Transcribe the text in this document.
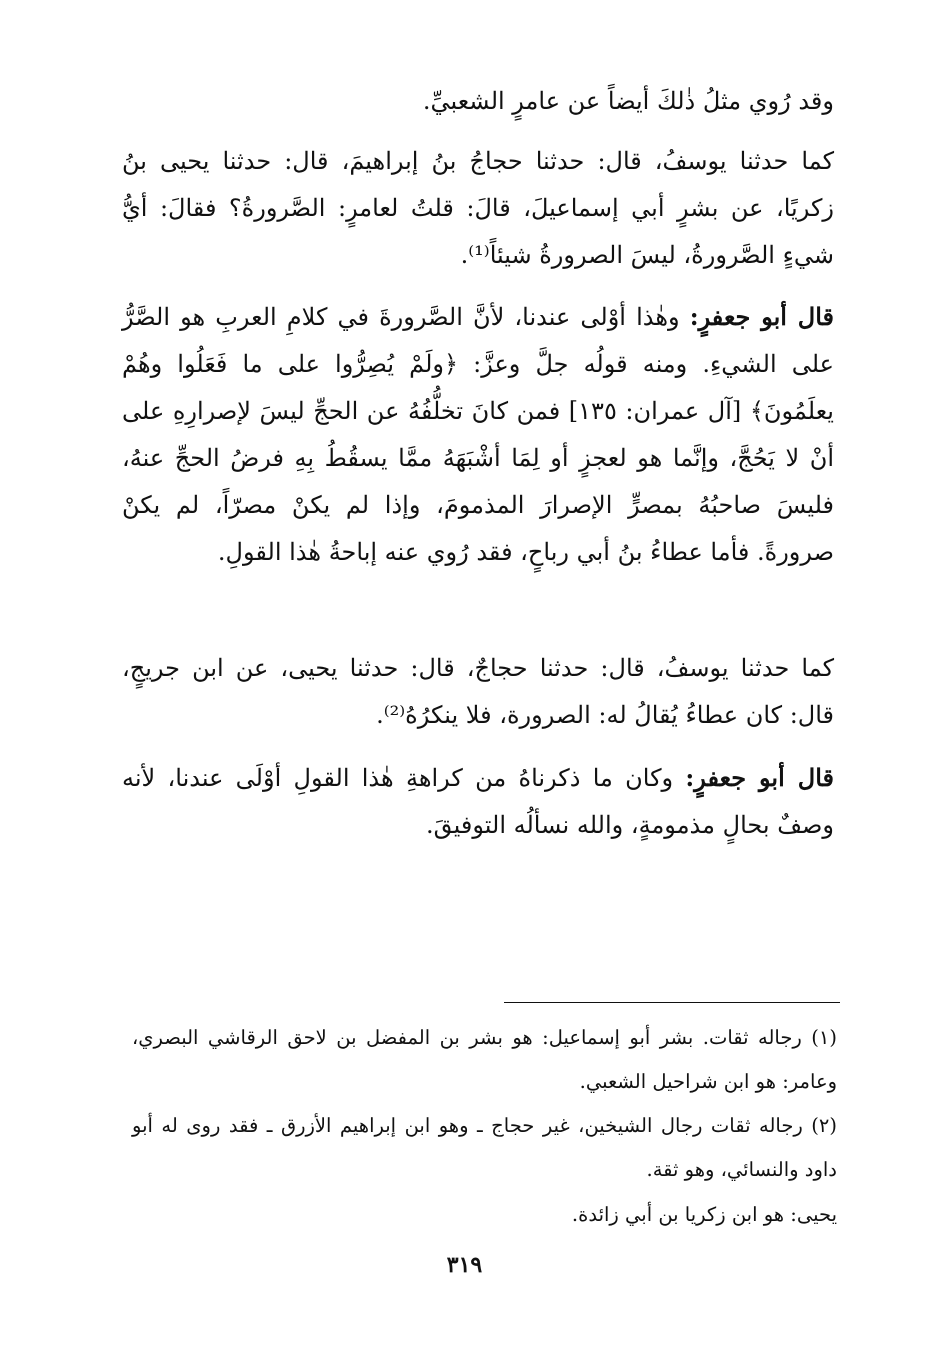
وقد رُوي مثلُ ذٰلكَ أيضاً عن عامرٍ الشعبيِّ.

كما حدثنا يوسفُ، قال: حدثنا حجاجُ بنُ إبراهيمَ، قال: حدثنا يحيى بنُ زكريًا، عن بشرٍ أبي إسماعيلَ، قالَ: قلتُ لعامرٍ: الصَّرورةُ؟ فقالَ: أيُّ شيءٍ الصَّرورةُ، ليسَ الصرورةُ شيئاً⁽¹⁾.

قال أبو جعفرٍ: وهٰذا أوْلى عندنا، لأنَّ الصَّرورةَ في كلامِ العربِ هو الصَّرُّ على الشيءِ. ومنه قولُه جلَّ وعزَّ: ﴿ولَمْ يُصِرُّوا على ما فَعَلُوا وهُمْ يعلَمُونَ﴾ [آل عمران: ١٣٥] فمن كانَ تخلُّفُهُ عن الحجِّ ليسَ لإصرارِهِ على أنْ لا يَحُجَّ، وإنَّما هو لعجزٍ أو لِمَا أشْبَهَهُ ممَّا يسقُطُ بِهِ فرضُ الحجِّ عنهُ، فليسَ صاحبُهُ بمصرٍّ الإصرارَ المذمومَ، وإذا لم يكنْ مصرّاً، لم يكنْ صرورةً. فأما عطاءُ بنُ أبي رباحٍ، فقد رُوي عنه إباحةُ هٰذا القولِ.

كما حدثنا يوسفُ، قال: حدثنا حجاجٌ، قال: حدثنا يحيى، عن ابن جريجٍ، قال: كان عطاءُ يُقالُ له: الصرورة، فلا ينكرُهُ⁽²⁾.

قال أبو جعفرٍ: وكان ما ذكرناهُ من كراهةِ هٰذا القولِ أوْلَى عندنا، لأنه وصفٌ بحالٍ مذمومةٍ، والله نسألُه التوفيقَ.

(١) رجاله ثقات. بشر أبو إسماعيل: هو بشر بن المفضل بن لاحق الرقاشي البصري، وعامر: هو ابن شراحيل الشعبي.

(٢) رجاله ثقات رجال الشيخين، غير حجاج ـ وهو ابن إبراهيم الأزرق ـ فقد روى له أبو داود والنسائي، وهو ثقة.

يحيى: هو ابن زكريا بن أبي زائدة.

٣١٩
